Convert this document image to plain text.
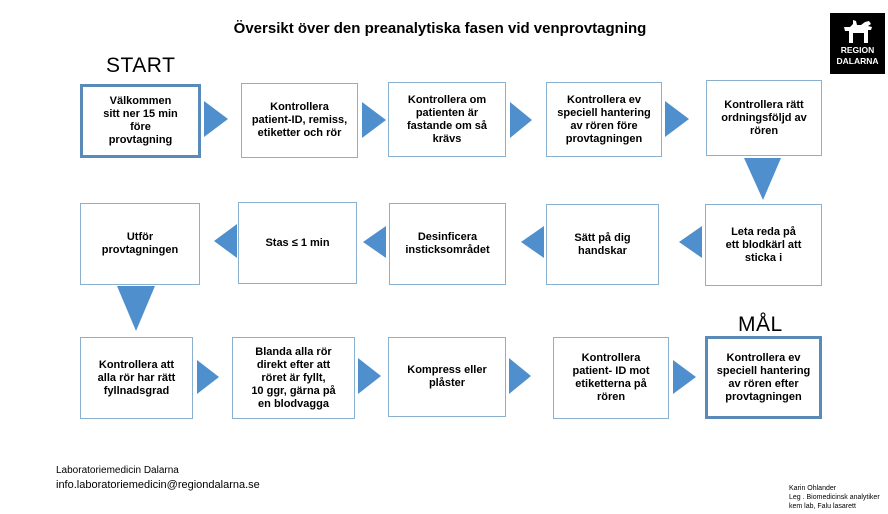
Översikt över den preanalytiska fasen vid venprovtagning
START
MÅL
REGION
DALARNA
Välkommen
sitt ner 15 min
före
provtagning
Kontrollera
patient-ID, remiss,
etiketter och rör
Kontrollera om
patienten är
fastande om så
krävs
Kontrollera ev
speciell hantering
av rören före
provtagningen
Kontrollera rätt
ordningsföljd av
rören
Leta reda på
ett blodkärl att
sticka i
Sätt på dig
handskar
Desinficera
insticksområdet
Stas ≤ 1 min
Utför
provtagningen
Kontrollera att
alla rör har rätt
fyllnadsgrad
Blanda alla rör
direkt efter att
röret är fyllt,
10 ggr, gärna på
en blodvagga
Kompress eller
plåster
Kontrollera
patient- ID mot
etiketterna på
rören
Kontrollera ev
speciell hantering
av rören efter
provtagningen
Laboratoriemedicin Dalarna
info.laboratoriemedicin@regiondalarna.se	Karin Ohlander
Leg . Biomedicinsk analytiker
kem lab, Falu lasarett
